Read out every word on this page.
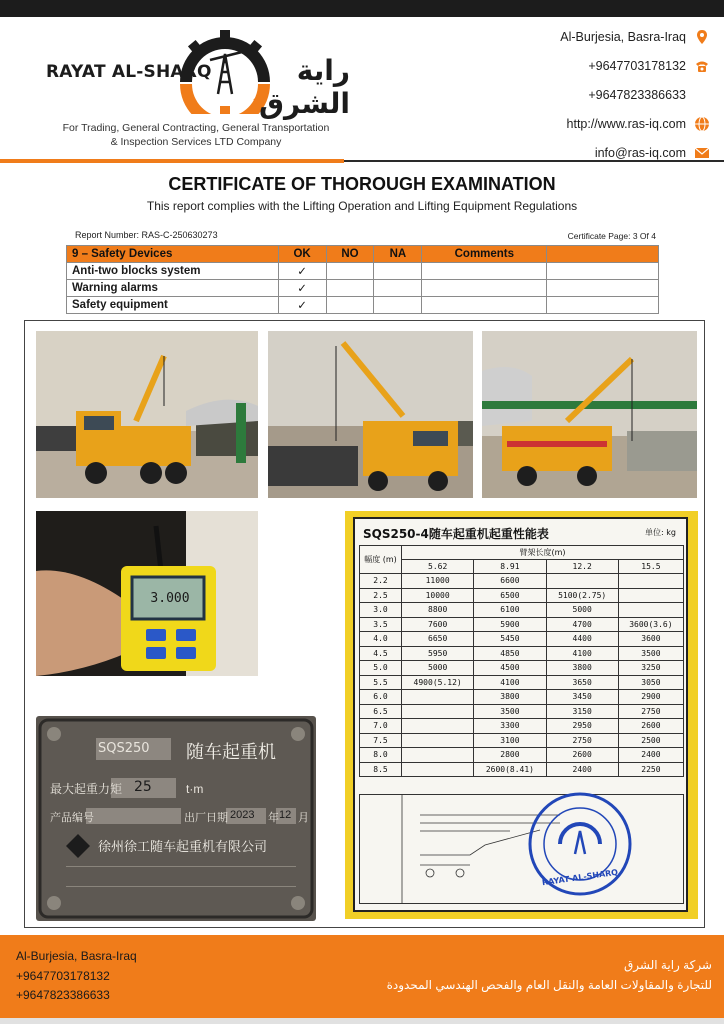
RAYAT AL-SHARQ	راية الشرق
For Trading, General Contracting, General Transportation
& Inspection Services LTD Company
Al-Burjesia, Basra-Iraq
+9647703178132
+9647823386633
http://www.ras-iq.com
info@ras-iq.com
CERTIFICATE OF THOROUGH EXAMINATION
This report complies with the Lifting Operation and Lifting Equipment Regulations
Report Number: RAS-C-250630273	Certificate Page: 3 Of 4
9 – Safety Devices	OK	NO	NA	Comments	
Anti-two blocks system	✓				
Warning alarms	✓				
Safety equipment	✓				
3.000
SQS250 随车起重机
最大起重力矩 25	t·m
产品编号	出厂日期 2023 年 12 月
徐州徐工随车起重机有限公司
SQS250-4随车起重机起重性能表	单位: kg
幅度 (m)	臂架长度(m)			
	5.62	8.91	12.2	15.5
2.2	11000	6600		
2.5	10000	6500	5100(2.75)	
3.0	8800	6100	5000	
3.5	7600	5900	4700	3600(3.6)
4.0	6650	5450	4400	3600
4.5	5950	4850	4100	3500
5.0	5000	4500	3800	3250
5.5	4900(5.12)	4100	3650	3050
6.0		3800	3450	2900
6.5		3500	3150	2750
7.0		3300	2950	2600
7.5		3100	2750	2500
8.0		2800	2600	2400
8.5		2600(8.41)	2400	2250
RAYAT AL-SHARQ
Al-Burjesia, Basra-Iraq
+9647703178132
+9647823386633
شركة راية الشرق
للتجارة والمقاولات العامة والنقل العام والفحص الهندسي المحدودة
